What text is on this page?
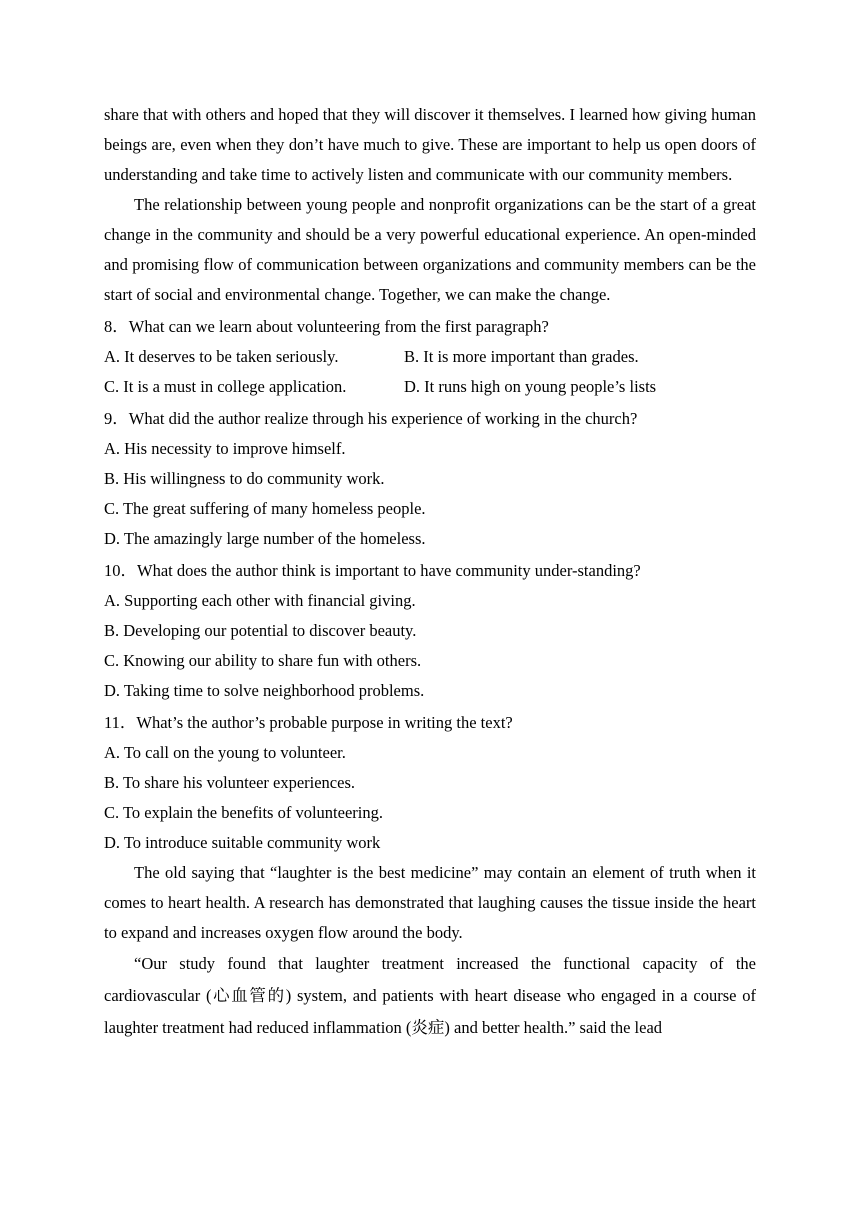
share that with others and hoped that they will discover it themselves. I learned how giving human beings are, even when they don’t have much to give. These are important to help us open doors of understanding and take time to actively listen and communicate with our community members.

The relationship between young people and nonprofit organizations can be the start of a great change in the community and should be a very powerful educational experience. An open-minded and promising flow of communication between organizations and community members can be the start of social and environmental change. Together, we can make the change.

8．What can we learn about volunteering from the first paragraph?

A. It deserves to be taken seriously.	B. It is more important than grades.
C. It is a must in college application.	D. It runs high on young people’s lists

9．What did the author realize through his experience of working in the church?

A. His necessity to improve himself.

B. His willingness to do community work.

C. The great suffering of many homeless people.

D. The amazingly large number of the homeless.

10．What does the author think is important to have community under-standing?

A. Supporting each other with financial giving.

B. Developing our potential to discover beauty.

C. Knowing our ability to share fun with others.

D. Taking time to solve neighborhood problems.

11．What’s the author’s probable purpose in writing the text?

A. To call on the young to volunteer.

B. To share his volunteer experiences.

C. To explain the benefits of volunteering.

D. To introduce suitable community work

The old saying that “laughter is the best medicine” may contain an element of truth when it comes to heart health. A research has demonstrated that laughing causes the tissue inside the heart to expand and increases oxygen flow around the body.

“Our study found that laughter treatment increased the functional capacity of the cardiovascular (心血管的) system, and patients with heart disease who engaged in a course of laughter treatment had reduced inflammation (炎症) and better health.” said the lead
